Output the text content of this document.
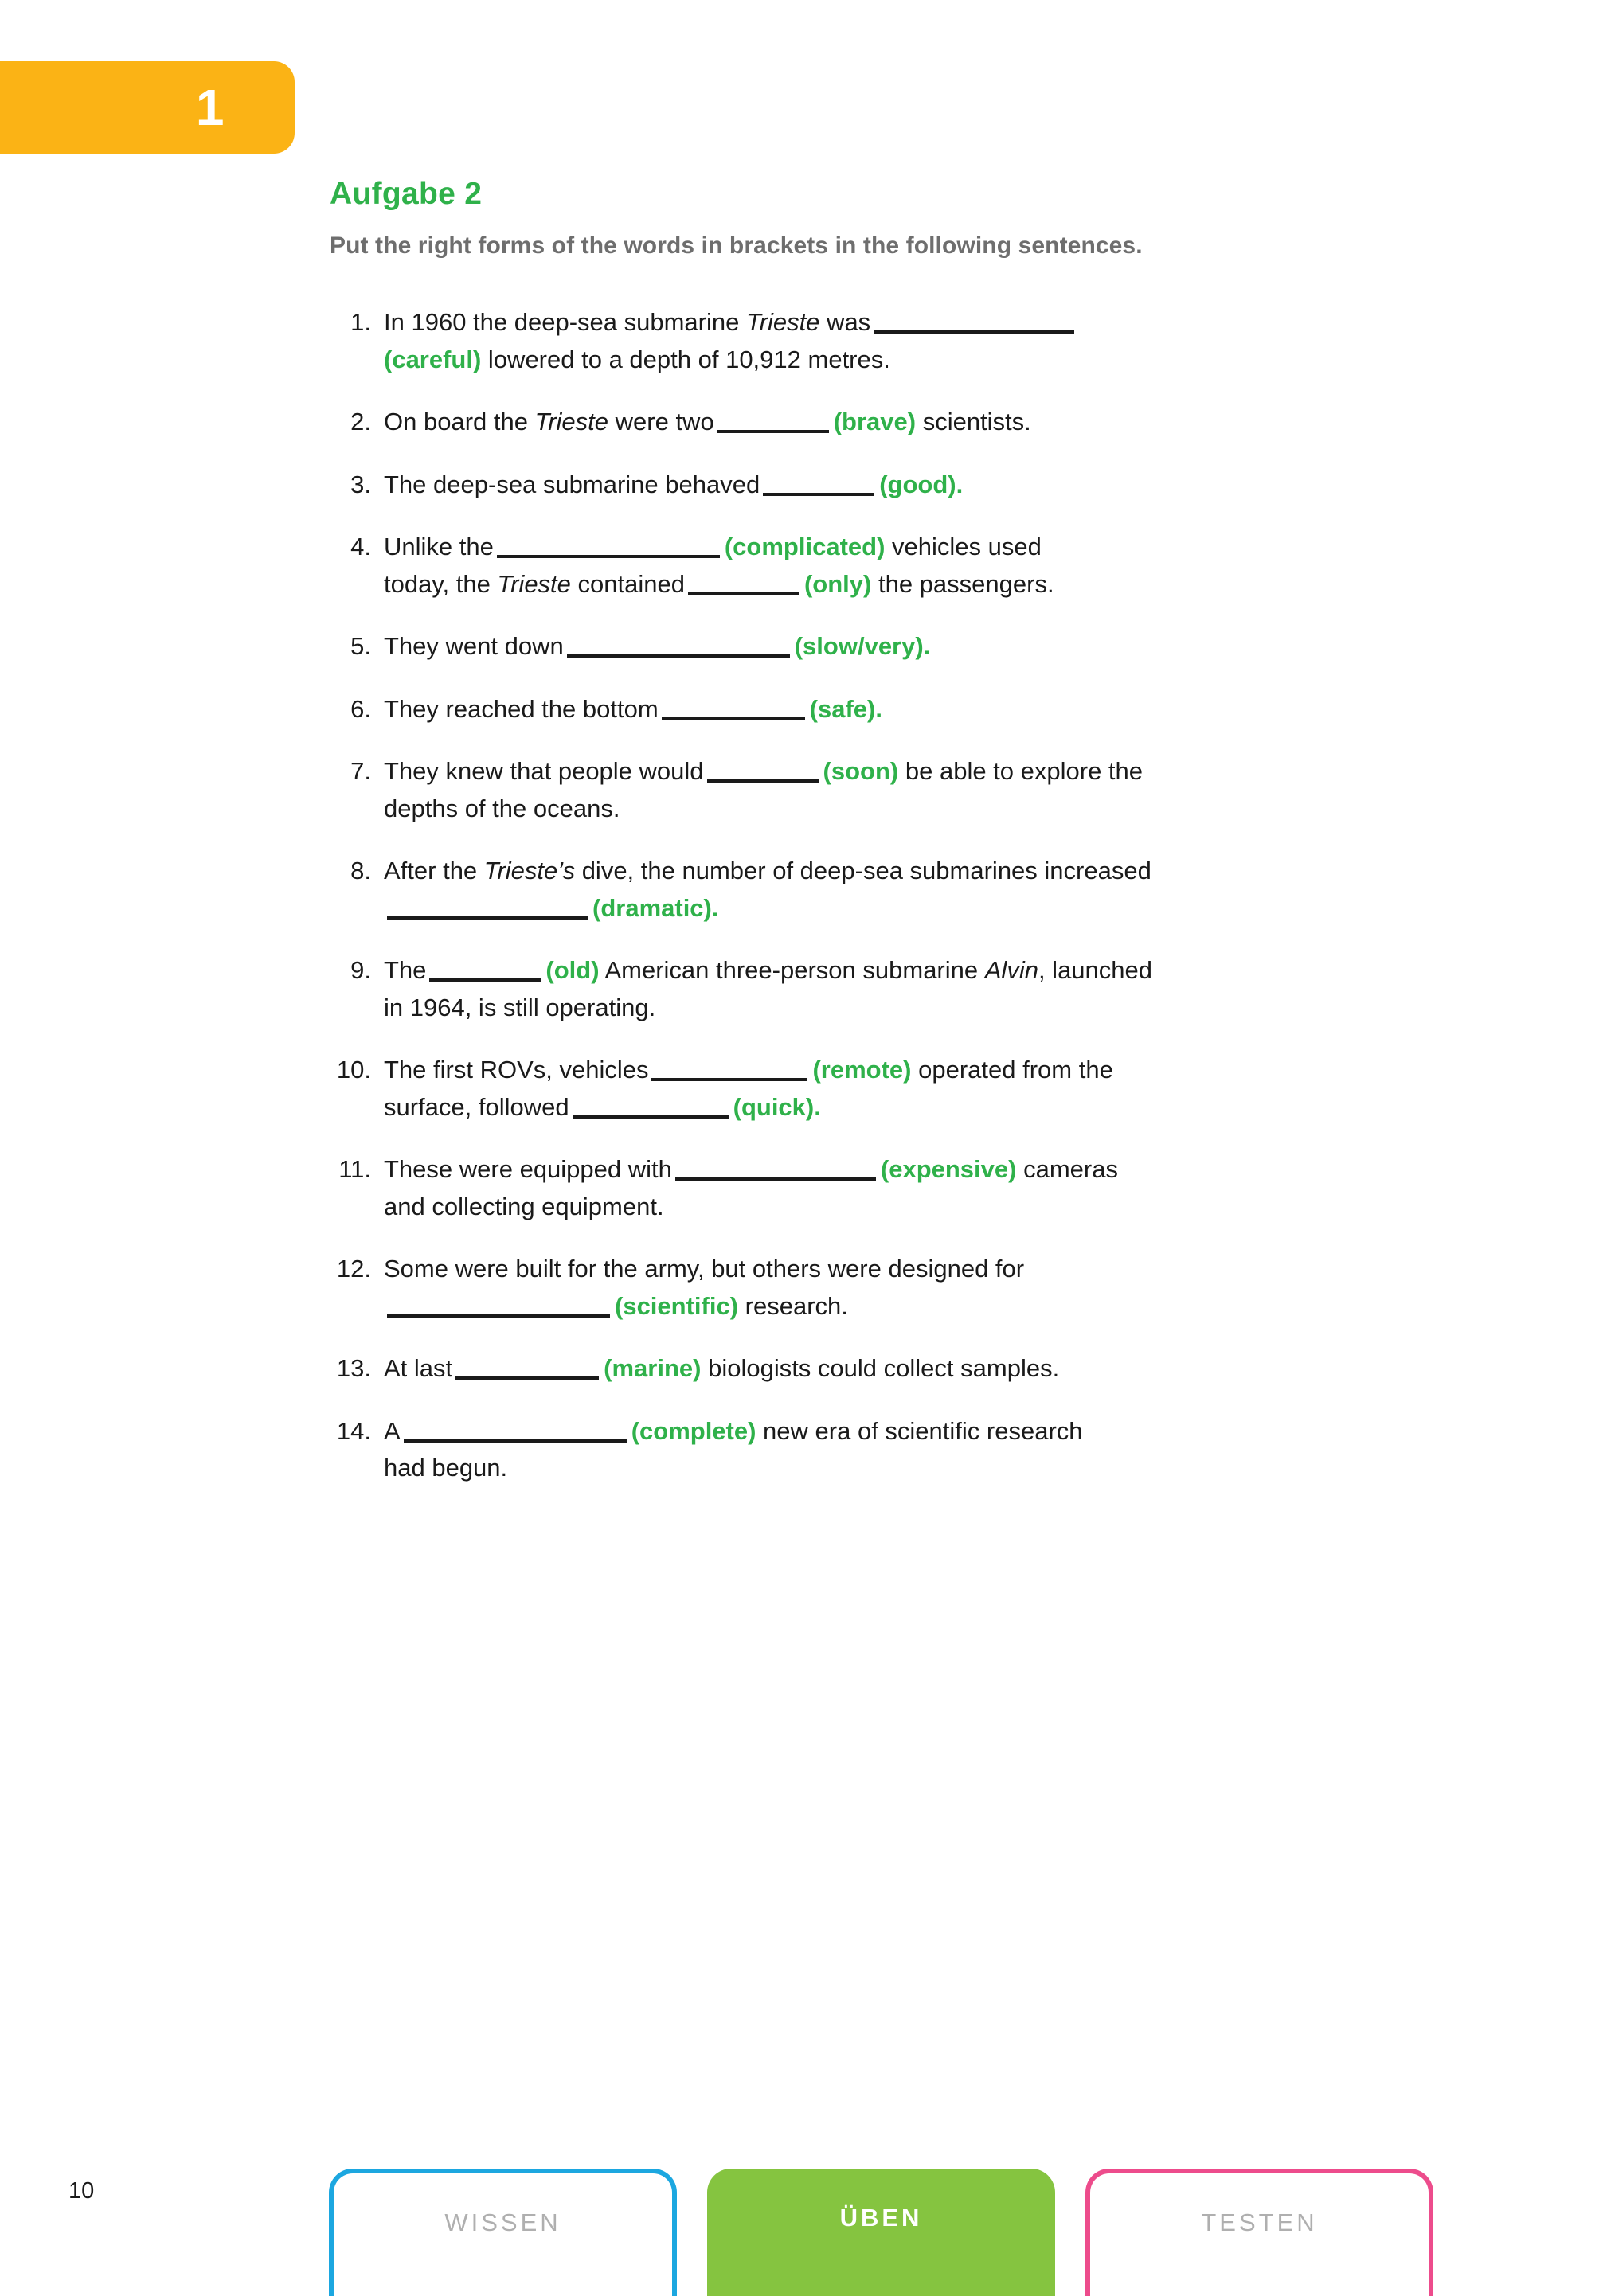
1
Aufgabe 2

Put the right forms of the words in brackets in the following sentences.

1. In 1960 the deep-sea submarine Trieste was
(careful) lowered to a depth of 10,912 metres.
2. On board the Trieste were two	(brave) scientists.
3. The deep-sea submarine behaved	(good).
4. Unlike the	(complicated) vehicles used
today, the Trieste contained	(only) the passengers.
5. They went down	(slow/very).
6. They reached the bottom	(safe).
7. They knew that people would	(soon) be able to explore the
depths of the oceans.
8. After the Trieste’s dive, the number of deep-sea submarines increased
(dramatic).
9. The	(old) American three-person submarine Alvin, launched
in 1964, is still operating.
10. The first ROVs, vehicles	(remote) operated from the
surface, followed	(quick).
11. These were equipped with	(expensive) cameras
and collecting equipment.
12. Some were built for the army, but others were designed for
(scientific) research.
13. At last	(marine) biologists could collect samples.
14. A	(complete) new era of scientific research
had begun.
10
WISSEN	ÜBEN	TESTEN
